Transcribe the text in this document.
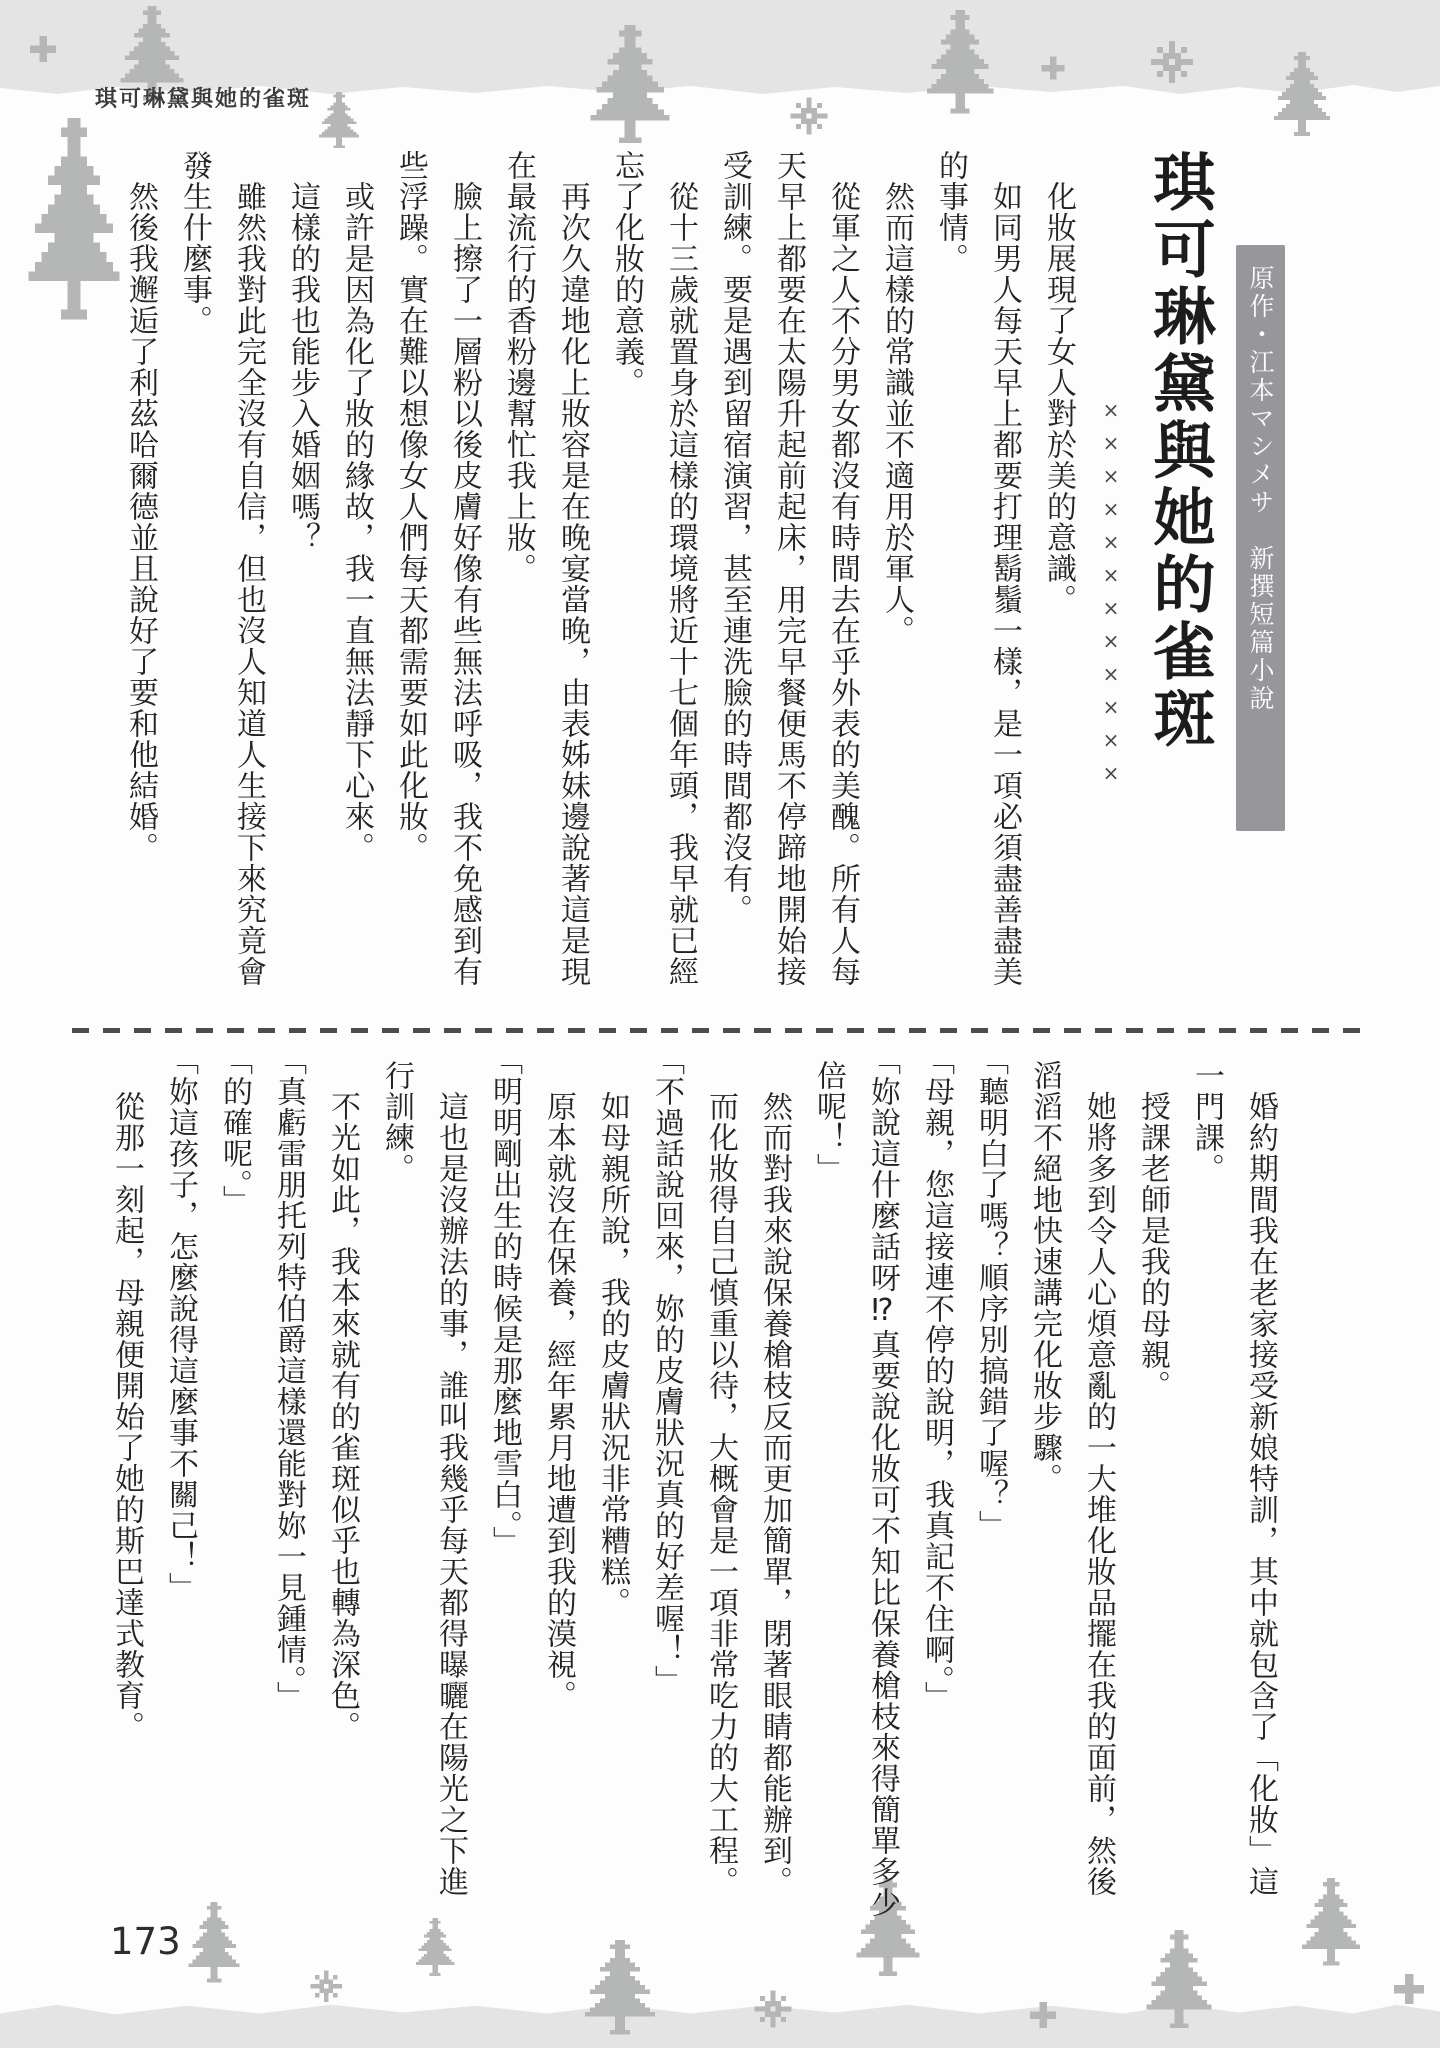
琪可琳黛與她的雀斑
琪可琳黛與她的雀斑	原作・江本マシメサ　新撰短篇小說
××××××××××××

化妝展現了女人對於美的意識。

如同男人每天早上都要打理鬍鬚一樣，是一項必須盡善盡美的事情。

然而這樣的常識並不適用於軍人。

從軍之人不分男女都沒有時間去在乎外表的美醜。所有人每天早上都要在太陽升起前起床，用完早餐便馬不停蹄地開始接受訓練。要是遇到留宿演習，甚至連洗臉的時間都沒有。

從十三歲就置身於這樣的環境將近十七個年頭，我早就已經忘了化妝的意義。

再次久違地化上妝容是在晚宴當晚，由表姊妹邊說著這是現在最流行的香粉邊幫忙我上妝。

臉上擦了一層粉以後皮膚好像有些無法呼吸，我不免感到有些浮躁。實在難以想像女人們每天都需要如此化妝。

或許是因為化了妝的緣故，我一直無法靜下心來。

這樣的我也能步入婚姻嗎？

雖然我對此完全沒有自信，但也沒人知道人生接下來究竟會發生什麼事。

然後我邂逅了利茲哈爾德並且說好了要和他結婚。

婚約期間我在老家接受新娘特訓，其中就包含了「化妝」這一門課。

授課老師是我的母親。

她將多到令人心煩意亂的一大堆化妝品擺在我的面前，然後滔滔不絕地快速講完化妝步驟。

「聽明白了嗎？順序別搞錯了喔？」

「母親，您這接連不停的說明，我真記不住啊。」

「妳說這什麼話呀⁉真要說化妝可不知比保養槍枝來得簡單多少倍呢！」

然而對我來說保養槍枝反而更加簡單，閉著眼睛都能辦到。

而化妝得自己慎重以待，大概會是一項非常吃力的大工程。

「不過話說回來，妳的皮膚狀況真的好差喔！」

如母親所說，我的皮膚狀況非常糟糕。

原本就沒在保養，經年累月地遭到我的漠視。

「明明剛出生的時候是那麼地雪白。」

這也是沒辦法的事，誰叫我幾乎每天都得曝曬在陽光之下進行訓練。

不光如此，我本來就有的雀斑似乎也轉為深色。

「真虧雷朋托列特伯爵這樣還能對妳一見鍾情。」

「的確呢。」

「妳這孩子，怎麼說得這麼事不關己！」

從那一刻起，母親便開始了她的斯巴達式教育。

173
